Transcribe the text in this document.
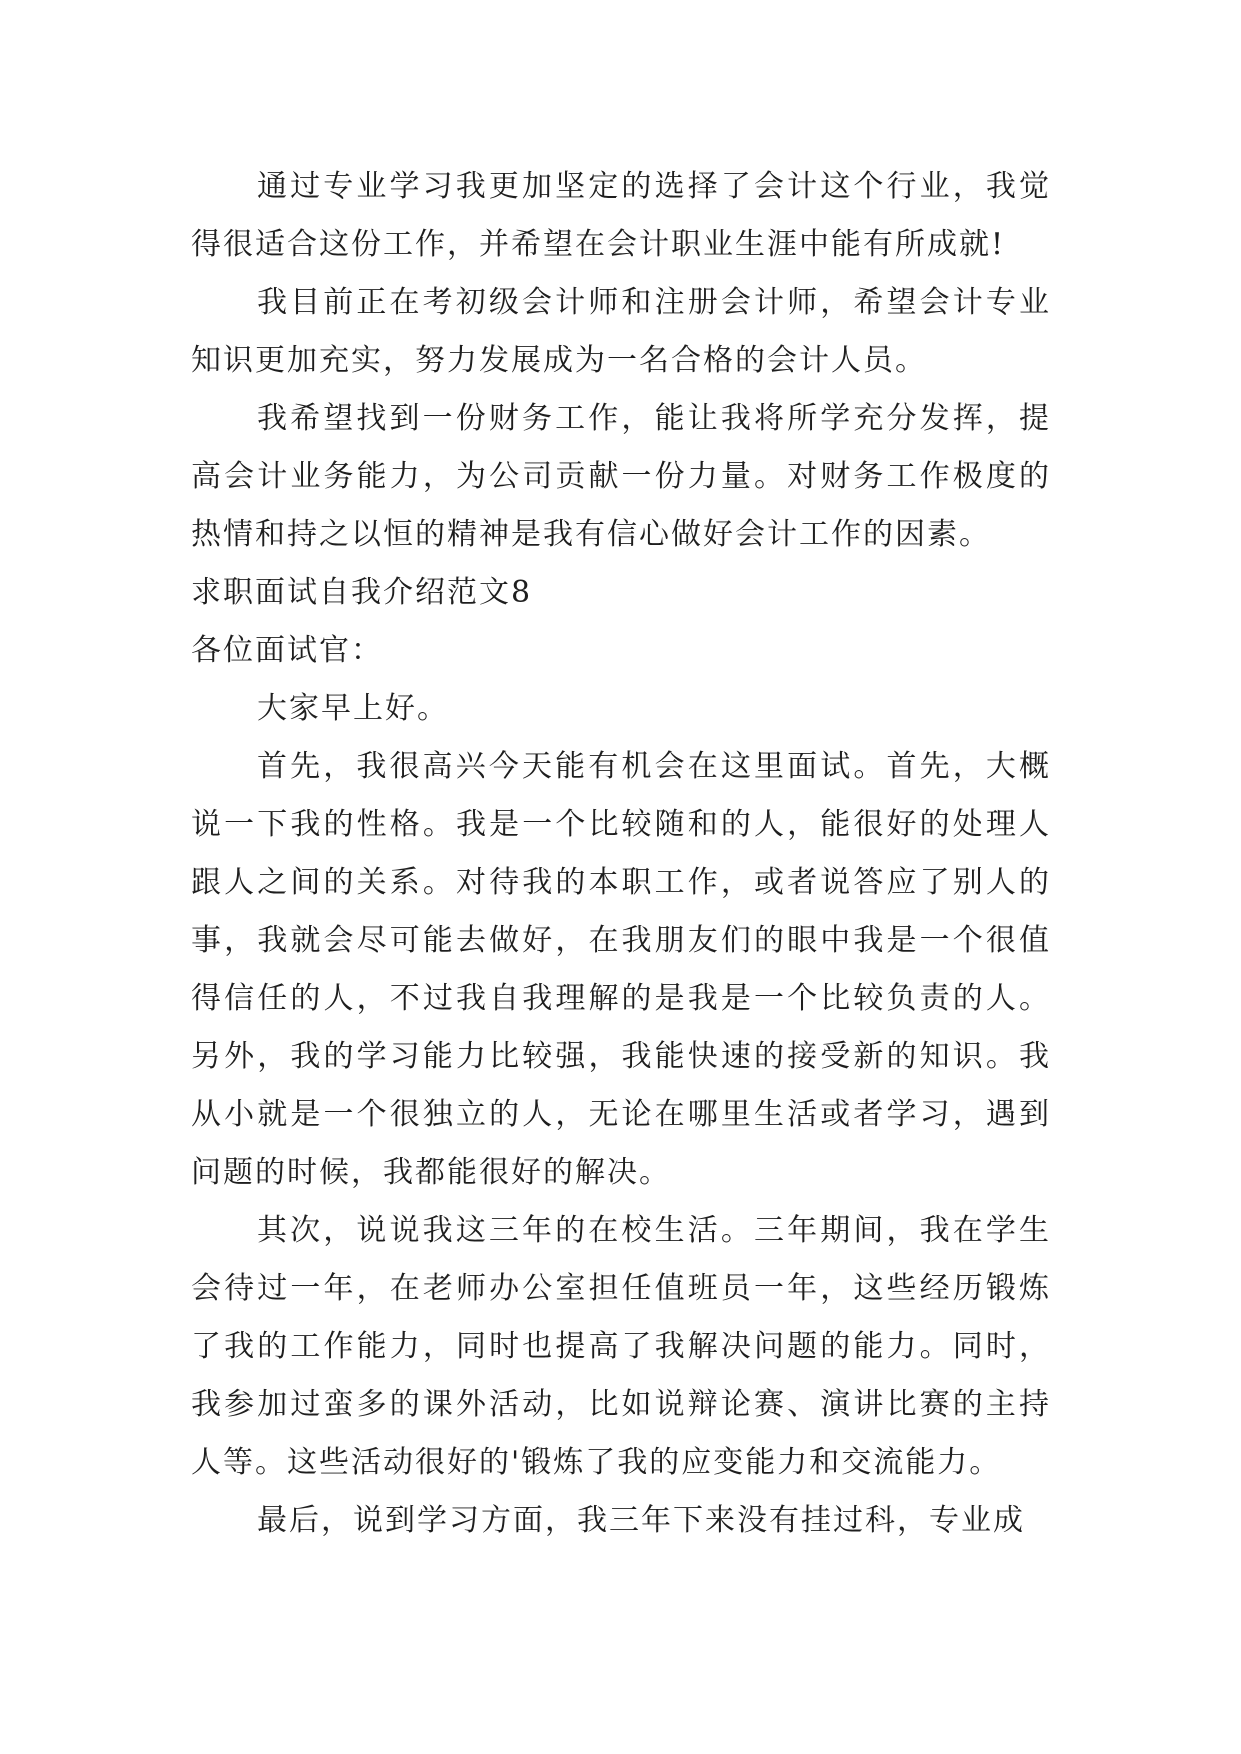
通过专业学习我更加坚定的选择了会计这个行业，我觉得很适合这份工作，并希望在会计职业生涯中能有所成就!

我目前正在考初级会计师和注册会计师，希望会计专业知识更加充实，努力发展成为一名合格的会计人员。

我希望找到一份财务工作，能让我将所学充分发挥，提高会计业务能力，为公司贡献一份力量。对财务工作极度的热情和持之以恒的精神是我有信心做好会计工作的因素。

求职面试自我介绍范文8

各位面试官：

大家早上好。

首先，我很高兴今天能有机会在这里面试。首先，大概说一下我的性格。我是一个比较随和的人，能很好的处理人跟人之间的关系。对待我的本职工作，或者说答应了别人的事，我就会尽可能去做好，在我朋友们的眼中我是一个很值得信任的人，不过我自我理解的是我是一个比较负责的人。另外，我的学习能力比较强，我能快速的接受新的知识。我从小就是一个很独立的人，无论在哪里生活或者学习，遇到问题的时候，我都能很好的解决。

其次，说说我这三年的在校生活。三年期间，我在学生会待过一年，在老师办公室担任值班员一年，这些经历锻炼了我的工作能力，同时也提高了我解决问题的能力。同时，我参加过蛮多的课外活动，比如说辩论赛、演讲比赛的主持人等。这些活动很好的'锻炼了我的应变能力和交流能力。

最后，说到学习方面，我三年下来没有挂过科，专业成
